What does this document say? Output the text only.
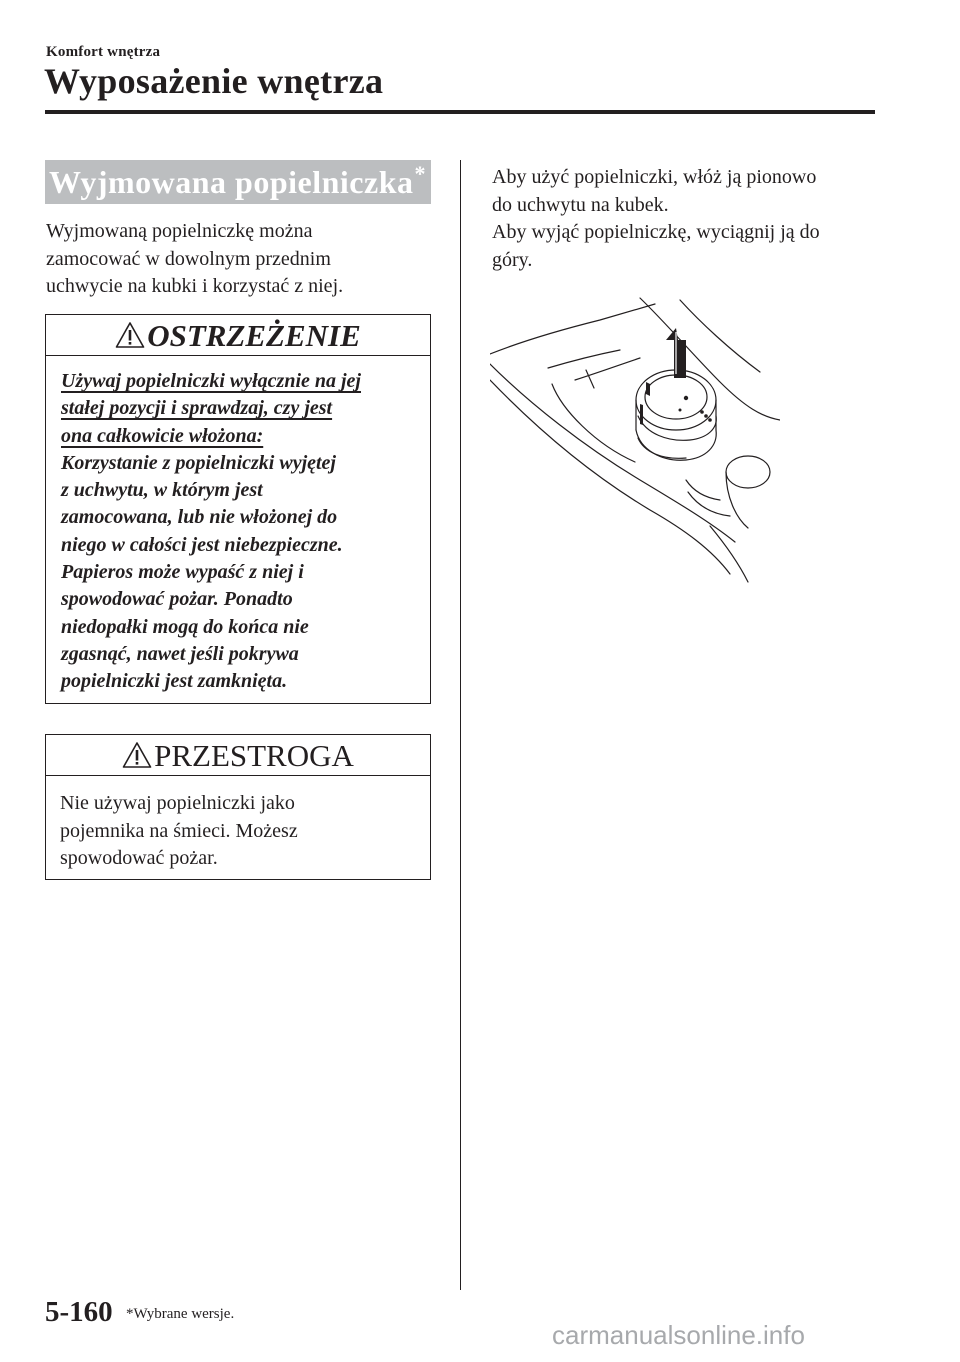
Komfort wnętrza
Wyposażenie wnętrza
Wyjmowana popielniczka *
Wyjmowaną popielniczkę można
zamocować w dowolnym przednim
uchwycie na kubki i korzystać z niej.
OSTRZEŻENIE
Używaj popielniczki wyłącznie na jej
stałej pozycji i sprawdzaj, czy jest
ona całkowicie włożona:
Korzystanie z popielniczki wyjętej
z uchwytu, w którym jest
zamocowana, lub nie włożonej do
niego w całości jest niebezpieczne.
Papieros może wypaść z niej i
spowodować pożar. Ponadto
niedopałki mogą do końca nie
zgasnąć, nawet jeśli pokrywa
popielniczki jest zamknięta.
PRZESTROGA
Nie używaj popielniczki jako
pojemnika na śmieci. Możesz
spowodować pożar.
Aby użyć popielniczki, włóż ją pionowo
do uchwytu na kubek.
Aby wyjąć popielniczkę, wyciągnij ją do
góry.
5-160 *Wybrane wersje.
carmanualsonline.info
